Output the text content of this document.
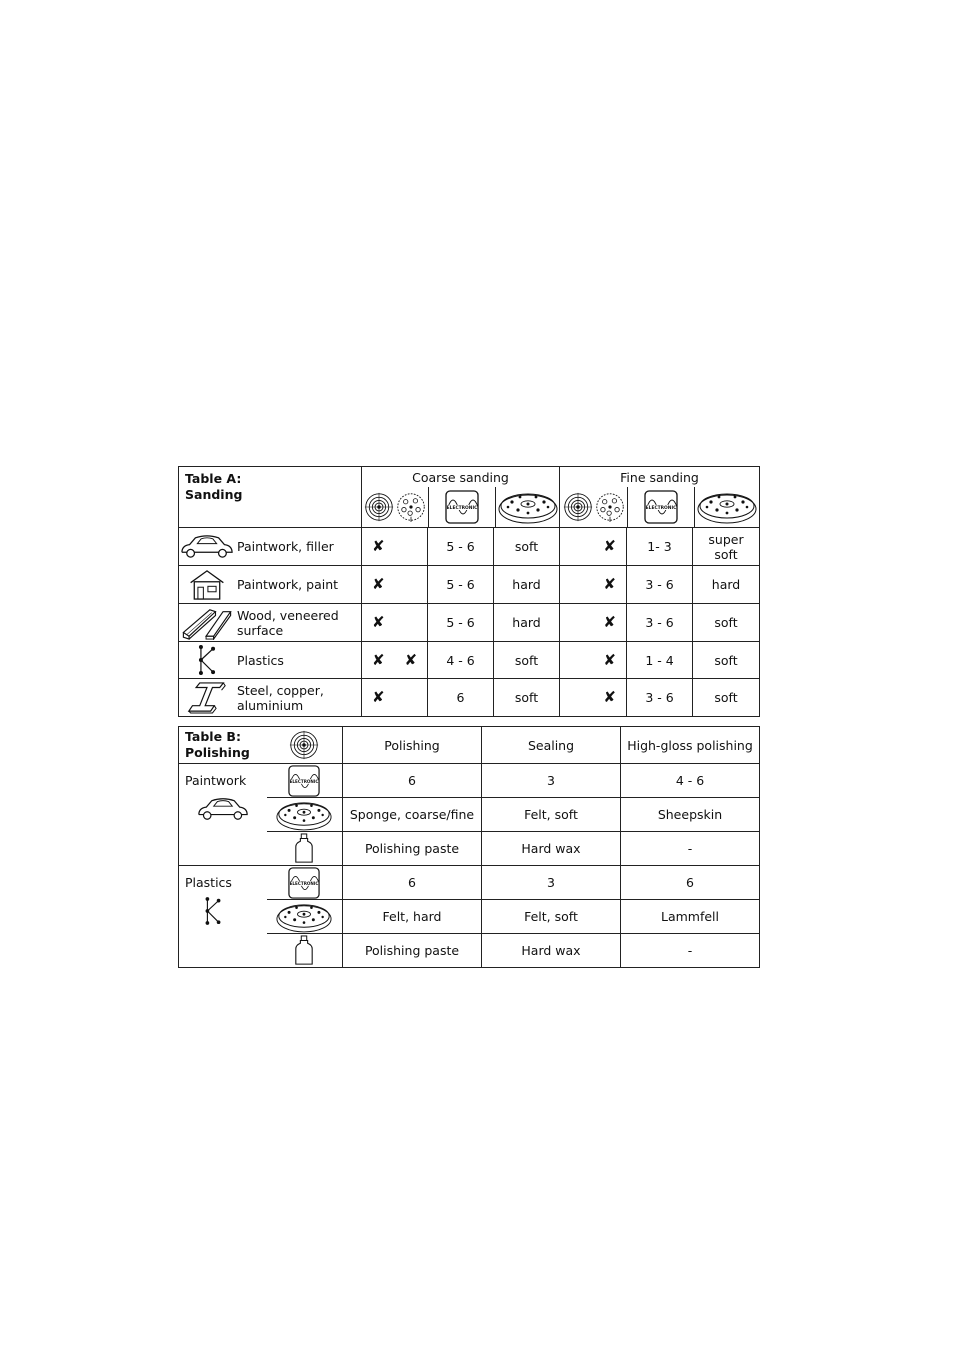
Table A:
Sanding	Coarse sanding			Fine sanding		

Paintwork, filler	✘	5 - 6	soft	✘	1- 3	super
soft

Paintwork, paint	✘	5 - 6	hard	✘	3 - 6	hard

Wood, veneered
surface	✘	5 - 6	hard	✘	3 - 6	soft

Plastics	✘ ✘	4 - 6	soft	✘	1 - 4	soft

Steel, copper,
aluminium	✘	6	soft	✘	3 - 6	soft
Table B:
Polishing		Polishing	Sealing	High-gloss polishing

Paintwork		6	3	4 - 6

	Sponge, coarse/fine	Felt, soft	Sheepskin

	Polishing paste	Hard wax	-

Plastics		6	3	6

	Felt, hard	Felt, soft	Lammfell

	Polishing paste	Hard wax	-
